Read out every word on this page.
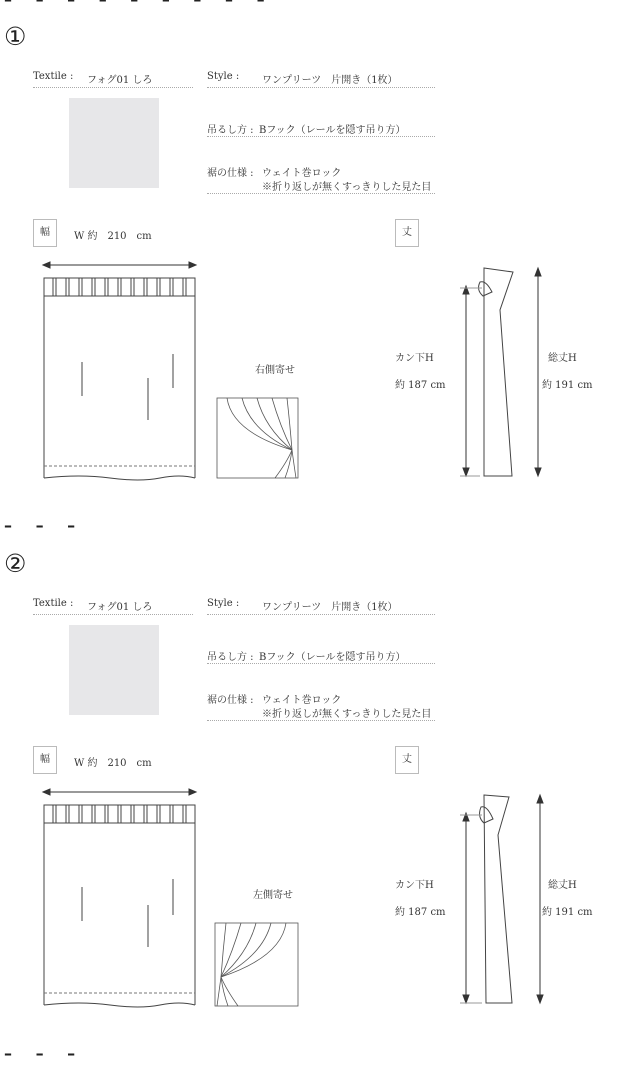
①
Textile : フォグ01 しろ	Style : ワンプリーツ　片開き（1枚）
吊るし方 : Bフック（レールを隠す吊り方）
裾の仕様 : ウェイト巻ロック
※折り返しが無くすっきりした見た目
幅	W 約　210　cm	丈
右側寄せ
カン下H
約 187 cm
総丈H
約 191 cm
– – –
②
Textile : フォグ01 しろ	Style : ワンプリーツ　片開き（1枚）
吊るし方 : Bフック（レールを隠す吊り方）
裾の仕様 : ウェイト巻ロック
※折り返しが無くすっきりした見た目
幅	W 約　210　cm	丈
左側寄せ
カン下H
約 187 cm
総丈H
約 191 cm
– – –
